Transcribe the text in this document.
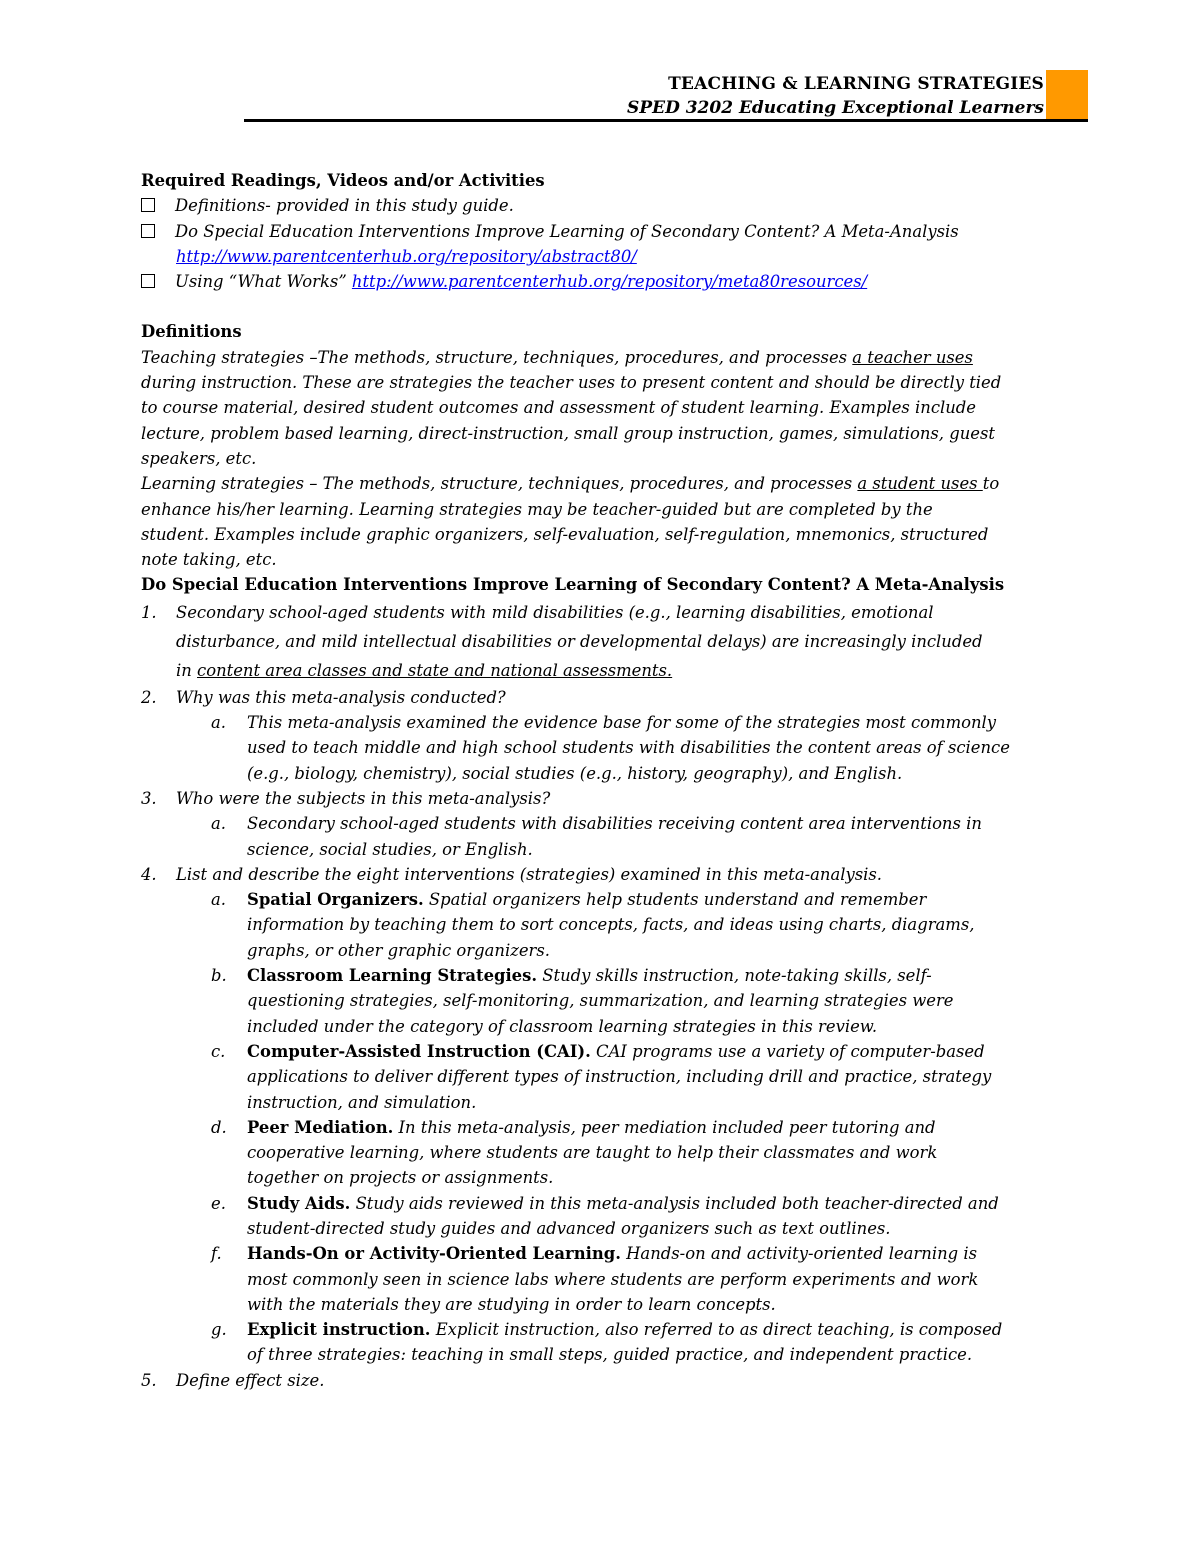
TEACHING & LEARNING STRATEGIES
SPED 3202 Educating Exceptional Learners
Required Readings, Videos and/or Activities
Definitions- provided in this study guide.
Do Special Education Interventions Improve Learning of Secondary Content? A Meta-Analysis
http://www.parentcenterhub.org/repository/abstract80/
Using “What Works” http://www.parentcenterhub.org/repository/meta80resources/
Definitions
Teaching strategies –The methods, structure, techniques, procedures, and processes a teacher uses
during instruction. These are strategies the teacher uses to present content and should be directly tied
to course material, desired student outcomes and assessment of student learning. Examples include
lecture, problem based learning, direct-instruction, small group instruction, games, simulations, guest
speakers, etc.
Learning strategies – The methods, structure, techniques, procedures, and processes a student uses to
enhance his/her learning. Learning strategies may be teacher-guided but are completed by the
student. Examples include graphic organizers, self-evaluation, self-regulation, mnemonics, structured
note taking, etc.
Do Special Education Interventions Improve Learning of Secondary Content? A Meta-Analysis
1. Secondary school-aged students with mild disabilities (e.g., learning disabilities, emotional
disturbance, and mild intellectual disabilities or developmental delays) are increasingly included
in content area classes and state and national assessments.
2. Why was this meta-analysis conducted?
a. This meta-analysis examined the evidence base for some of the strategies most commonly
used to teach middle and high school students with disabilities the content areas of science
(e.g., biology, chemistry), social studies (e.g., history, geography), and English.
3. Who were the subjects in this meta-analysis?
a. Secondary school-aged students with disabilities receiving content area interventions in
science, social studies, or English.
4. List and describe the eight interventions (strategies) examined in this meta-analysis.
a. Spatial Organizers. Spatial organizers help students understand and remember
information by teaching them to sort concepts, facts, and ideas using charts, diagrams,
graphs, or other graphic organizers.
b. Classroom Learning Strategies. Study skills instruction, note-taking skills, self-
questioning strategies, self-monitoring, summarization, and learning strategies were
included under the category of classroom learning strategies in this review.
c. Computer-Assisted Instruction (CAI). CAI programs use a variety of computer-based
applications to deliver different types of instruction, including drill and practice, strategy
instruction, and simulation.
d. Peer Mediation. In this meta-analysis, peer mediation included peer tutoring and
cooperative learning, where students are taught to help their classmates and work
together on projects or assignments.
e. Study Aids. Study aids reviewed in this meta-analysis included both teacher-directed and
student-directed study guides and advanced organizers such as text outlines.
f. Hands-On or Activity-Oriented Learning. Hands-on and activity-oriented learning is
most commonly seen in science labs where students are perform experiments and work
with the materials they are studying in order to learn concepts.
g. Explicit instruction. Explicit instruction, also referred to as direct teaching, is composed
of three strategies: teaching in small steps, guided practice, and independent practice.
5. Define effect size.
